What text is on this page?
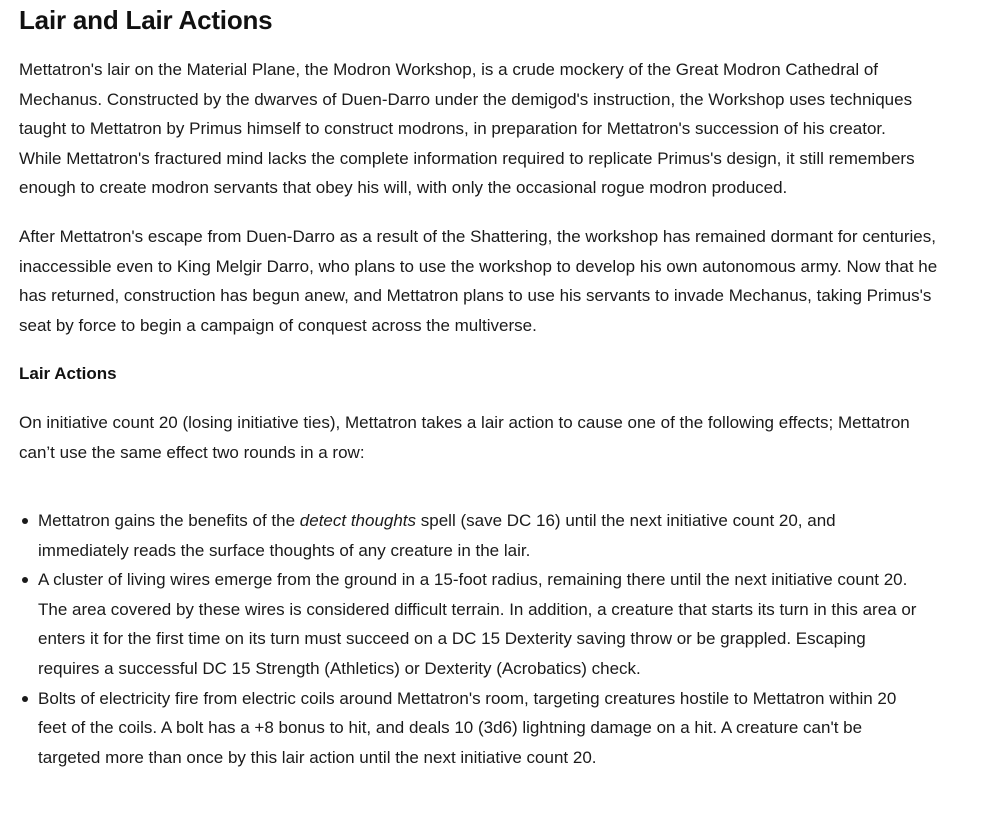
Lair and Lair Actions

Mettatron's lair on the Material Plane, the Modron Workshop, is a crude mockery of the Great Modron Cathedral of
Mechanus. Constructed by the dwarves of Duen-Darro under the demigod's instruction, the Workshop uses techniques
taught to Mettatron by Primus himself to construct modrons, in preparation for Mettatron's succession of his creator.
While Mettatron's fractured mind lacks the complete information required to replicate Primus's design, it still remembers
enough to create modron servants that obey his will, with only the occasional rogue modron produced.

After Mettatron's escape from Duen-Darro as a result of the Shattering, the workshop has remained dormant for centuries,
inaccessible even to King Melgir Darro, who plans to use the workshop to develop his own autonomous army. Now that he
has returned, construction has begun anew, and Mettatron plans to use his servants to invade Mechanus, taking Primus's
seat by force to begin a campaign of conquest across the multiverse.

Lair Actions

On initiative count 20 (losing initiative ties), Mettatron takes a lair action to cause one of the following effects; Mettatron
can’t use the same effect two rounds in a row:

Mettatron gains the benefits of the detect thoughts spell (save DC 16) until the next initiative count 20, and
immediately reads the surface thoughts of any creature in the lair.
A cluster of living wires emerge from the ground in a 15-foot radius, remaining there until the next initiative count 20.
The area covered by these wires is considered difficult terrain. In addition, a creature that starts its turn in this area or
enters it for the first time on its turn must succeed on a DC 15 Dexterity saving throw or be grappled. Escaping
requires a successful DC 15 Strength (Athletics) or Dexterity (Acrobatics) check.
Bolts of electricity fire from electric coils around Mettatron's room, targeting creatures hostile to Mettatron within 20
feet of the coils. A bolt has a +8 bonus to hit, and deals 10 (3d6) lightning damage on a hit. A creature can't be
targeted more than once by this lair action until the next initiative count 20.
